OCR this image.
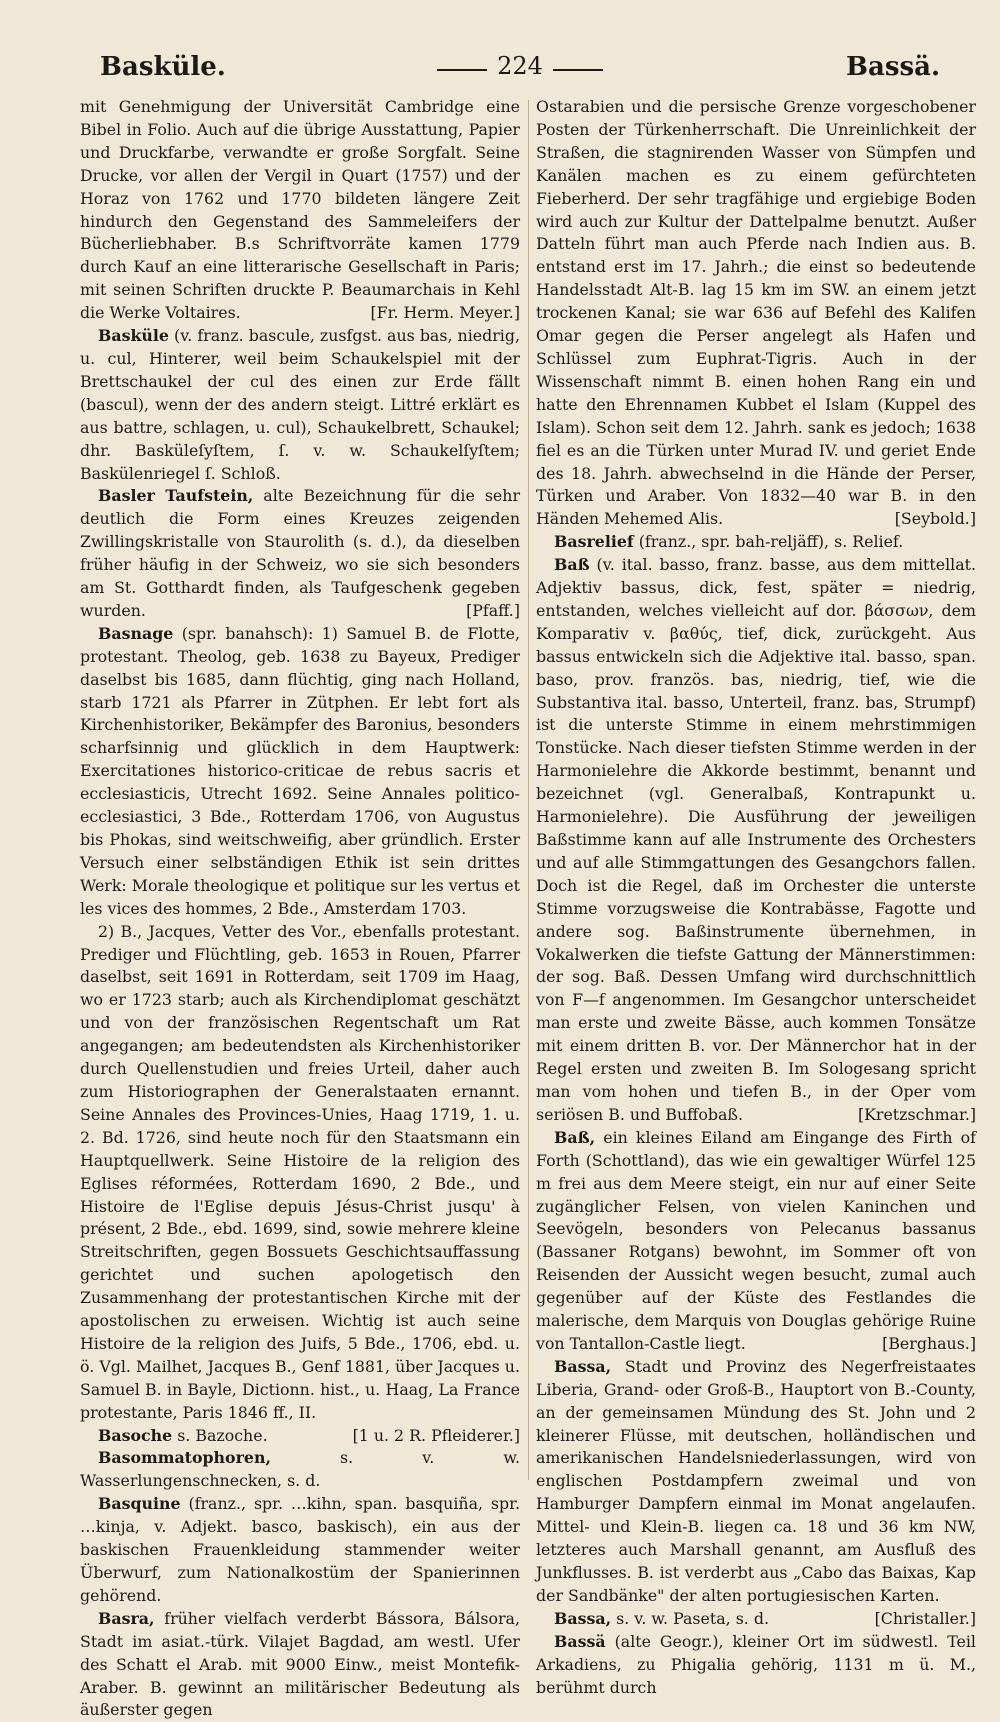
Basküle.	224	Bassä.

mit Genehmigung der Universität Cambridge eine Bibel in Folio. Auch auf die übrige Ausstattung, Papier und Druckfarbe, verwandte er große Sorgfalt. Seine Drucke, vor allen der Vergil in Quart (1757) und der Horaz von 1762 und 1770 bildeten längere Zeit hindurch den Gegenstand des Sammeleifers der Bücherliebhaber. B.s Schriftvorräte kamen 1779 durch Kauf an eine litterarische Gesellschaft in Paris; mit seinen Schriften druckte P. Beaumarchais in Kehl die Werke Voltaires.	[Fr. Herm. Meyer.]

Basküle (v. franz. bascule, zusfgst. aus bas, niedrig, u. cul, Hinterer, weil beim Schaukelspiel mit der Brettschaukel der cul des einen zur Erde fällt (bascul), wenn der des andern steigt. Littré erklärt es aus battre, schlagen, u. cul), Schaukelbrett, Schaukel; dhr. Basküleſyſtem, ſ. v. w. Schaukelſyſtem; Baskülenriegel ſ. Schloß.

Basler Taufstein, alte Bezeichnung für die sehr deutlich die Form eines Kreuzes zeigenden Zwillingskristalle von Staurolith (s. d.), da dieselben früher häufig in der Schweiz, wo sie sich besonders am St. Gotthardt finden, als Taufgeschenk gegeben wurden.	[Pfaff.]

Basnage (spr. banahsch): 1) Samuel B. de Flotte, protestant. Theolog, geb. 1638 zu Bayeux, Prediger daselbst bis 1685, dann flüchtig, ging nach Holland, starb 1721 als Pfarrer in Zütphen. Er lebt fort als Kirchenhistoriker, Bekämpfer des Baronius, besonders scharfsinnig und glücklich in dem Hauptwerk: Exercitationes historico-criticae de rebus sacris et ecclesiasticis, Utrecht 1692. Seine Annales politico-ecclesiastici, 3 Bde., Rotterdam 1706, von Augustus bis Phokas, sind weitschweifig, aber gründlich. Erster Versuch einer selbständigen Ethik ist sein drittes Werk: Morale theologique et politique sur les vertus et les vices des hommes, 2 Bde., Amsterdam 1703.

2) B., Jacques, Vetter des Vor., ebenfalls protestant. Prediger und Flüchtling, geb. 1653 in Rouen, Pfarrer daselbst, seit 1691 in Rotterdam, seit 1709 im Haag, wo er 1723 starb; auch als Kirchendiplomat geschätzt und von der französischen Regentschaft um Rat angegangen; am bedeutendsten als Kirchenhistoriker durch Quellenstudien und freies Urteil, daher auch zum Historiographen der Generalstaaten ernannt. Seine Annales des Provinces-Unies, Haag 1719, 1. u. 2. Bd. 1726, sind heute noch für den Staatsmann ein Hauptquellwerk. Seine Histoire de la religion des Eglises réformées, Rotterdam 1690, 2 Bde., und Histoire de l'Eglise depuis Jésus-Christ jusqu' à présent, 2 Bde., ebd. 1699, sind, sowie mehrere kleine Streitschriften, gegen Bossuets Geschichtsauffassung gerichtet und suchen apologetisch den Zusammenhang der protestantischen Kirche mit der apostolischen zu erweisen. Wichtig ist auch seine Histoire de la religion des Juifs, 5 Bde., 1706, ebd. u. ö. Vgl. Mailhet, Jacques B., Genf 1881, über Jacques u. Samuel B. in Bayle, Dictionn. hist., u. Haag, La France protestante, Paris 1846 ff., II.

Basoche s. Bazoche.	[1 u. 2 R. Pfleiderer.]

Basommatophoren,	s. v. w. Wasserlungenschnecken, s. d.

Basquine (franz., spr. …kihn, span. basquiña, spr. …kinja, v. Adjekt. basco, baskisch), ein aus der baskischen Frauenkleidung stammender weiter Überwurf, zum Nationalkostüm der Spanierinnen gehörend.

Basra, früher vielfach verderbt Bássora, Bálsora, Stadt im asiat.-türk. Vilajet Bagdad, am westl. Ufer des Schatt el Arab. mit 9000 Einw., meist Montefik-Araber. B. gewinnt an militärischer Bedeutung als äußerster gegen

Ostarabien und die persische Grenze vorgeschobener Posten der Türkenherrschaft. Die Unreinlichkeit der Straßen, die stagnirenden Wasser von Sümpfen und Kanälen machen es zu einem gefürchteten Fieberherd. Der sehr tragfähige und ergiebige Boden wird auch zur Kultur der Dattelpalme benutzt. Außer Datteln führt man auch Pferde nach Indien aus. B. entstand erst im 17. Jahrh.; die einst so bedeutende Handelsstadt Alt-B. lag 15 km im SW. an einem jetzt trockenen Kanal; sie war 636 auf Befehl des Kalifen Omar gegen die Perser angelegt als Hafen und Schlüssel zum Euphrat-Tigris. Auch in der Wissenschaft nimmt B. einen hohen Rang ein und hatte den Ehrennamen Kubbet el Islam (Kuppel des Islam). Schon seit dem 12. Jahrh. sank es jedoch; 1638 fiel es an die Türken unter Murad IV. und geriet Ende des 18. Jahrh. abwechselnd in die Hände der Perser, Türken und Araber. Von 1832—40 war B. in den Händen Mehemed Alis.	[Seybold.]

Basrelief (franz., spr. bah-reljäff), s. Relief.

Baß (v. ital. basso, franz. basse, aus dem mittellat. Adjektiv bassus, dick, fest, später = niedrig, entstanden, welches vielleicht auf dor. βάσσων, dem Komparativ v. βαθύς, tief, dick, zurückgeht. Aus bassus entwickeln sich die Adjektive ital. basso, span. baso, prov. französ. bas, niedrig, tief, wie die Substantiva ital. basso, Unterteil, franz. bas, Strumpf) ist die unterste Stimme in einem mehrstimmigen Tonstücke. Nach dieser tiefsten Stimme werden in der Harmonielehre die Akkorde bestimmt, benannt und bezeichnet (vgl. Generalbaß, Kontrapunkt u. Harmonielehre). Die Ausführung der jeweiligen Baßstimme kann auf alle Instrumente des Orchesters und auf alle Stimmgattungen des Gesangchors fallen. Doch ist die Regel, daß im Orchester die unterste Stimme vorzugsweise die Kontrabässe, Fagotte und andere sog. Baßinstrumente übernehmen, in Vokalwerken die tiefste Gattung der Männerstimmen: der sog. Baß. Dessen Umfang wird durchschnittlich von F—f angenommen. Im Gesangchor unterscheidet man erste und zweite Bässe, auch kommen Tonsätze mit einem dritten B. vor. Der Männerchor hat in der Regel ersten und zweiten B. Im Sologesang spricht man vom hohen und tiefen B., in der Oper vom seriösen B. und Buffobaß.	[Kretzschmar.]

Baß, ein kleines Eiland am Eingange des Firth of Forth (Schottland), das wie ein gewaltiger Würfel 125 m frei aus dem Meere steigt, ein nur auf einer Seite zugänglicher Felsen, von vielen Kaninchen und Seevögeln, besonders von Pelecanus bassanus (Bassaner Rotgans) bewohnt, im Sommer oft von Reisenden der Aussicht wegen besucht, zumal auch gegenüber auf der Küste des Festlandes die malerische, dem Marquis von Douglas gehörige Ruine von Tantallon-Castle liegt.	[Berghaus.]

Bassa, Stadt und Provinz des Negerfreistaates Liberia, Grand- oder Groß-B., Hauptort von B.-County, an der gemeinsamen Mündung des St. John und 2 kleinerer Flüsse, mit deutschen, holländischen und amerikanischen Handelsniederlassungen, wird von englischen Postdampfern zweimal und von Hamburger Dampfern einmal im Monat angelaufen. Mittel- und Klein-B. liegen ca. 18 und 36 km NW, letzteres auch Marshall genannt, am Ausfluß des Junkflusses. B. ist verderbt aus „Cabo das Baixas, Kap der Sandbänke" der alten portugiesischen Karten.
[Christaller.]

Bassa, s. v. w. Paseta, s. d.

Bassä (alte Geogr.), kleiner Ort im südwestl. Teil Arkadiens, zu Phigalia gehörig, 1131 m ü. M., berühmt durch
